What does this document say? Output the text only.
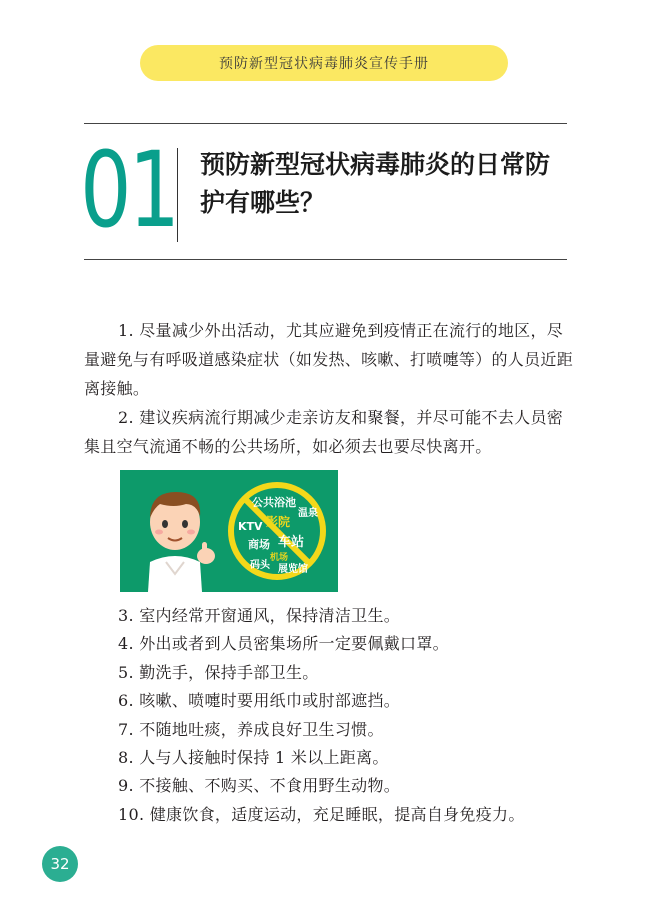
预防新型冠状病毒肺炎宣传手册
01 预防新型冠状病毒肺炎的日常防护有哪些？

1. 尽量减少外出活动，尤其应避免到疫情正在流行的地区，尽量避免与有呼吸道感染症状（如发热、咳嗽、打喷嚏等）的人员近距离接触。

2. 建议疾病流行期减少走亲访友和聚餐，并尽可能不去人员密集且空气流通不畅的公共场所，如必须去也要尽快离开。

公共浴池
温泉
KTV 影院
商场 车站
机场
码头 展览馆
3. 室内经常开窗通风，保持清洁卫生。
4. 外出或者到人员密集场所一定要佩戴口罩。
5. 勤洗手，保持手部卫生。
6. 咳嗽、喷嚏时要用纸巾或肘部遮挡。
7. 不随地吐痰，养成良好卫生习惯。
8. 人与人接触时保持 1 米以上距离。
9. 不接触、不购买、不食用野生动物。
10. 健康饮食，适度运动，充足睡眠，提高自身免疫力。
32
